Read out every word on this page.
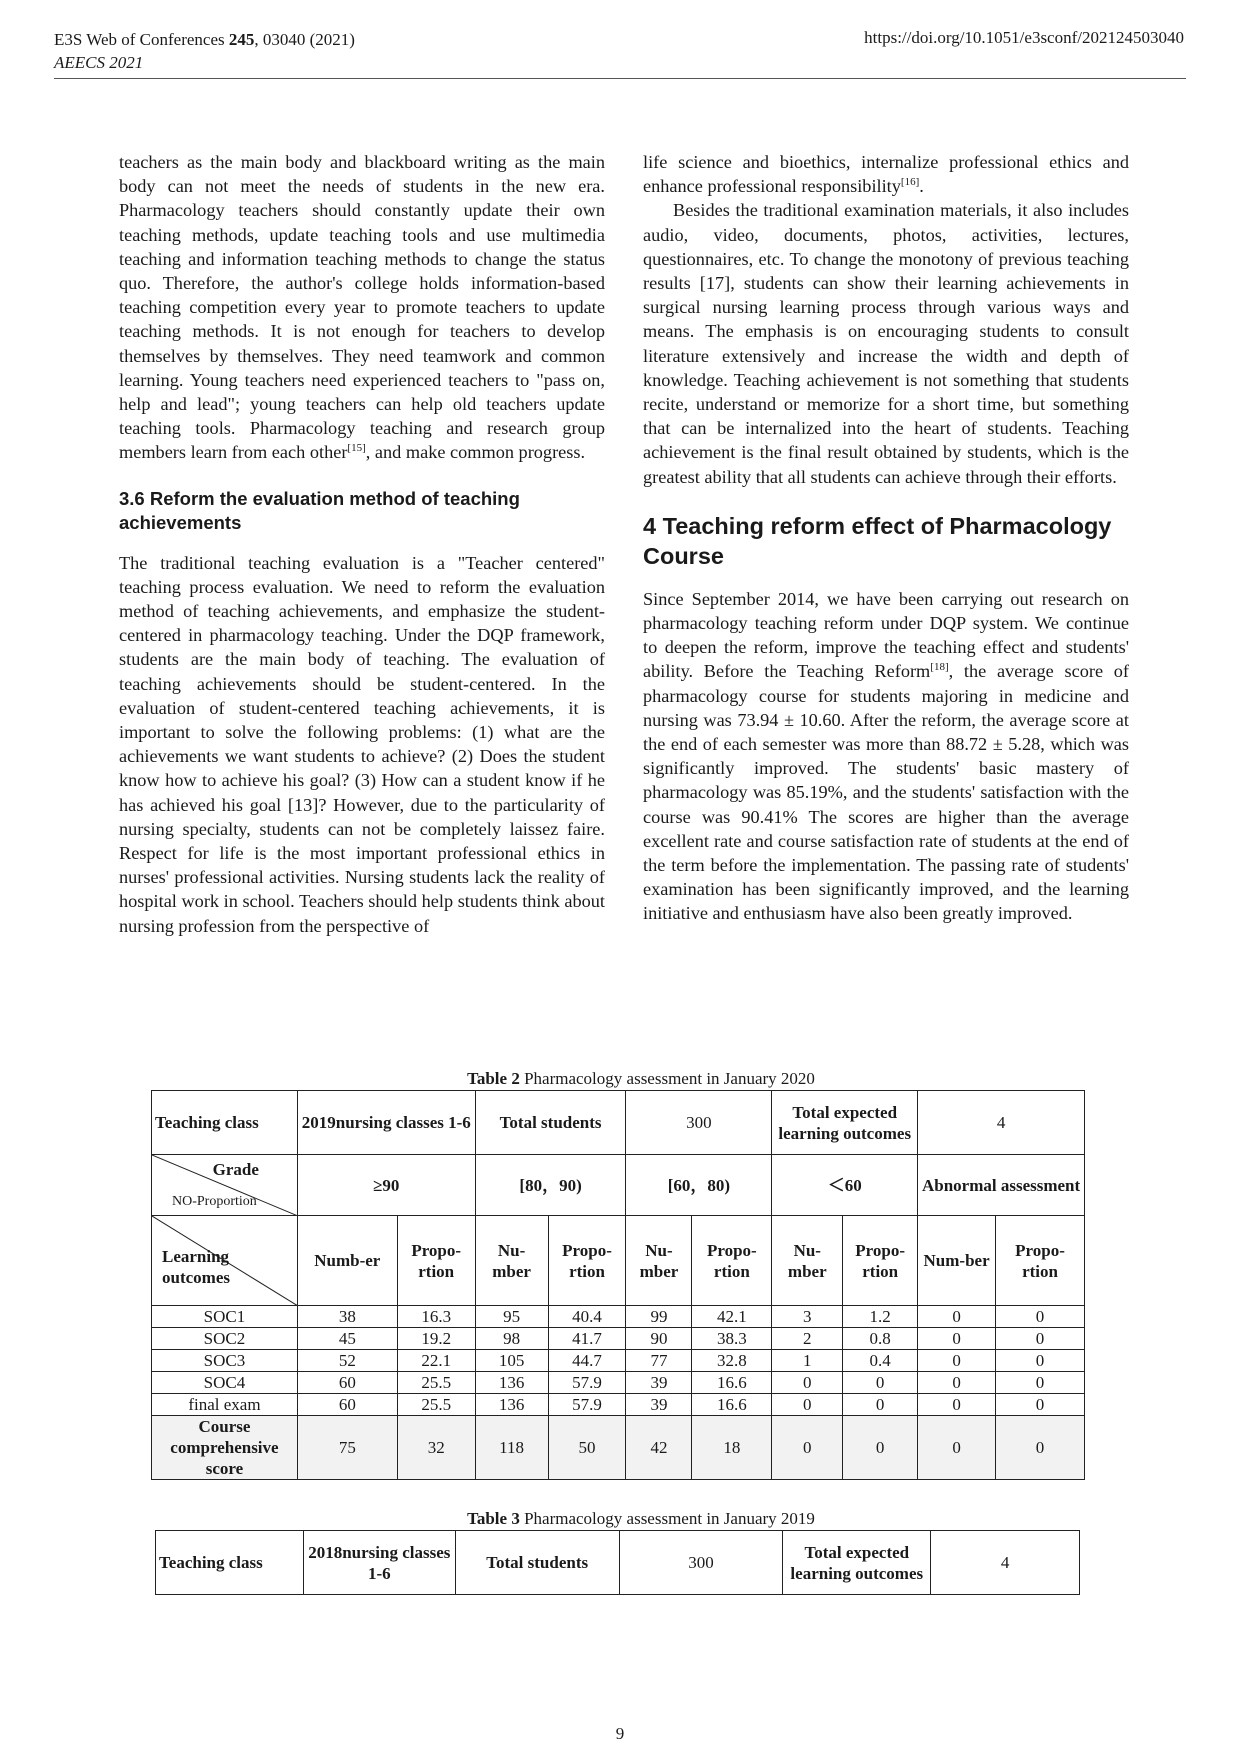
E3S Web of Conferences 245, 03040 (2021)
AEECS 2021
https://doi.org/10.1051/e3sconf/202124503040

teachers as the main body and blackboard writing as the main body can not meet the needs of students in the new era. Pharmacology teachers should constantly update their own teaching methods, update teaching tools and use multimedia teaching and information teaching methods to change the status quo. Therefore, the author's college holds information-based teaching competition every year to promote teachers to update teaching methods. It is not enough for teachers to develop themselves by themselves. They need teamwork and common learning. Young teachers need experienced teachers to "pass on, help and lead"; young teachers can help old teachers update teaching tools. Pharmacology teaching and research group members learn from each other[15], and make common progress.

3.6 Reform the evaluation method of teaching achievements

The traditional teaching evaluation is a "Teacher centered" teaching process evaluation. We need to reform the evaluation method of teaching achievements, and emphasize the student-centered in pharmacology teaching. Under the DQP framework, students are the main body of teaching. The evaluation of teaching achievements should be student-centered. In the evaluation of student-centered teaching achievements, it is important to solve the following problems: (1) what are the achievements we want students to achieve? (2) Does the student know how to achieve his goal? (3) How can a student know if he has achieved his goal [13]? However, due to the particularity of nursing specialty, students can not be completely laissez faire. Respect for life is the most important professional ethics in nurses' professional activities. Nursing students lack the reality of hospital work in school. Teachers should help students think about nursing profession from the perspective of

life science and bioethics, internalize professional ethics and enhance professional responsibility[16].

Besides the traditional examination materials, it also includes audio, video, documents, photos, activities, lectures, questionnaires, etc. To change the monotony of previous teaching results [17], students can show their learning achievements in surgical nursing learning process through various ways and means. The emphasis is on encouraging students to consult literature extensively and increase the width and depth of knowledge. Teaching achievement is not something that students recite, understand or memorize for a short time, but something that can be internalized into the heart of students. Teaching achievement is the final result obtained by students, which is the greatest ability that all students can achieve through their efforts.

4 Teaching reform effect of Pharmacology Course

Since September 2014, we have been carrying out research on pharmacology teaching reform under DQP system. We continue to deepen the reform, improve the teaching effect and students' ability. Before the Teaching Reform[18], the average score of pharmacology course for students majoring in medicine and nursing was 73.94 ± 10.60. After the reform, the average score at the end of each semester was more than 88.72 ± 5.28, which was significantly improved. The students' basic mastery of pharmacology was 85.19%, and the students' satisfaction with the course was 90.41% The scores are higher than the average excellent rate and course satisfaction rate of students at the end of the term before the implementation. The passing rate of students' examination has been significantly improved, and the learning initiative and enthusiasm have also been greatly improved.

Table 2 Pharmacology assessment in January 2020
Teaching class	2019nursing classes 1-6		Total students		300		Total expected learning outcomes		4	

Grade
NO-Proportion	≥90		[80，90)		[60，80)		＜60		Abnormal assessment	

Learning outcomes	Numb-er	Propo-rtion	Nu-mber	Propo-rtion	Nu-mber	Propo-rtion	Nu-mber	Propo-rtion	Num-ber	Propo-rtion
SOC1	38	16.3	95	40.4	99	42.1	3	1.2	0	0
SOC2	45	19.2	98	41.7	90	38.3	2	0.8	0	0
SOC3	52	22.1	105	44.7	77	32.8	1	0.4	0	0
SOC4	60	25.5	136	57.9	39	16.6	0	0	0	0
final exam	60	25.5	136	57.9	39	16.6	0	0	0	0
Course comprehensive score	75	32	118	50	42	18	0	0	0	0
Table 3 Pharmacology assessment in January 2019
Teaching class	2018nursing classes 1-6	Total students	300	Total expected learning outcomes	4
9
